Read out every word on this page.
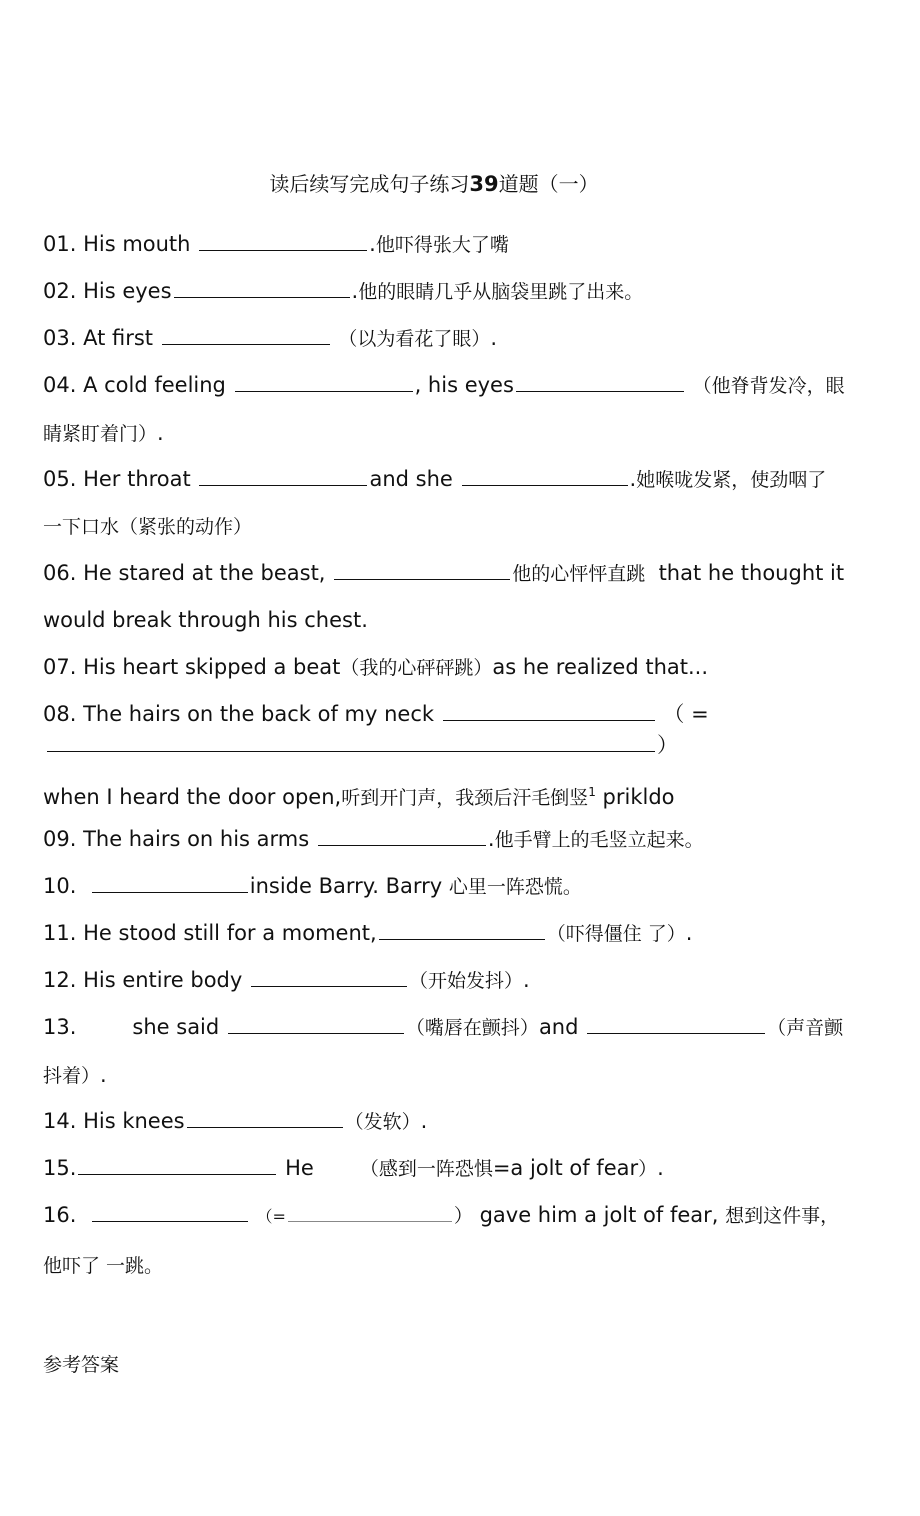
读后续写完成句子练习39道题（一）
01. His mouth	.他吓得张大了嘴
02. His eyes	.他的眼睛几乎从脑袋里跳了出来。
03. At first	（以为看花了眼）.
04. A cold feeling	, his eyes	（他脊背发冷，眼
睛紧盯着门）.
05. Her throat	and she	.她喉咙发紧，使劲咽了
一下口水（紧张的动作）
06. He stared at the beast,	他的心怦怦直跳 that he thought it
would break through his chest.
07. His heart skipped a beat（我的心砰砰跳）as he realized that...
08. The hairs on the back of my neck	（ =
）
when I heard the door open,听到开门声，我颈后汗毛倒竖$^1$ prikldo
09. The hairs on his arms	.他手臂上的毛竖立起来。
10.	inside Barry. Barry 心里一阵恐慌。
11. He stood still for a moment,	（吓得僵住 了）.
12. His entire body	（开始发抖）.
13.	she said	（嘴唇在颤抖）and	（声音颤
抖着）.
14. His knees	（发软）.
15.	He （感到一阵恐惧=a jolt of fear）.
16.	（=	） gave him a jolt of fear, 想到这件事，
他吓了 一跳。
参考答案
